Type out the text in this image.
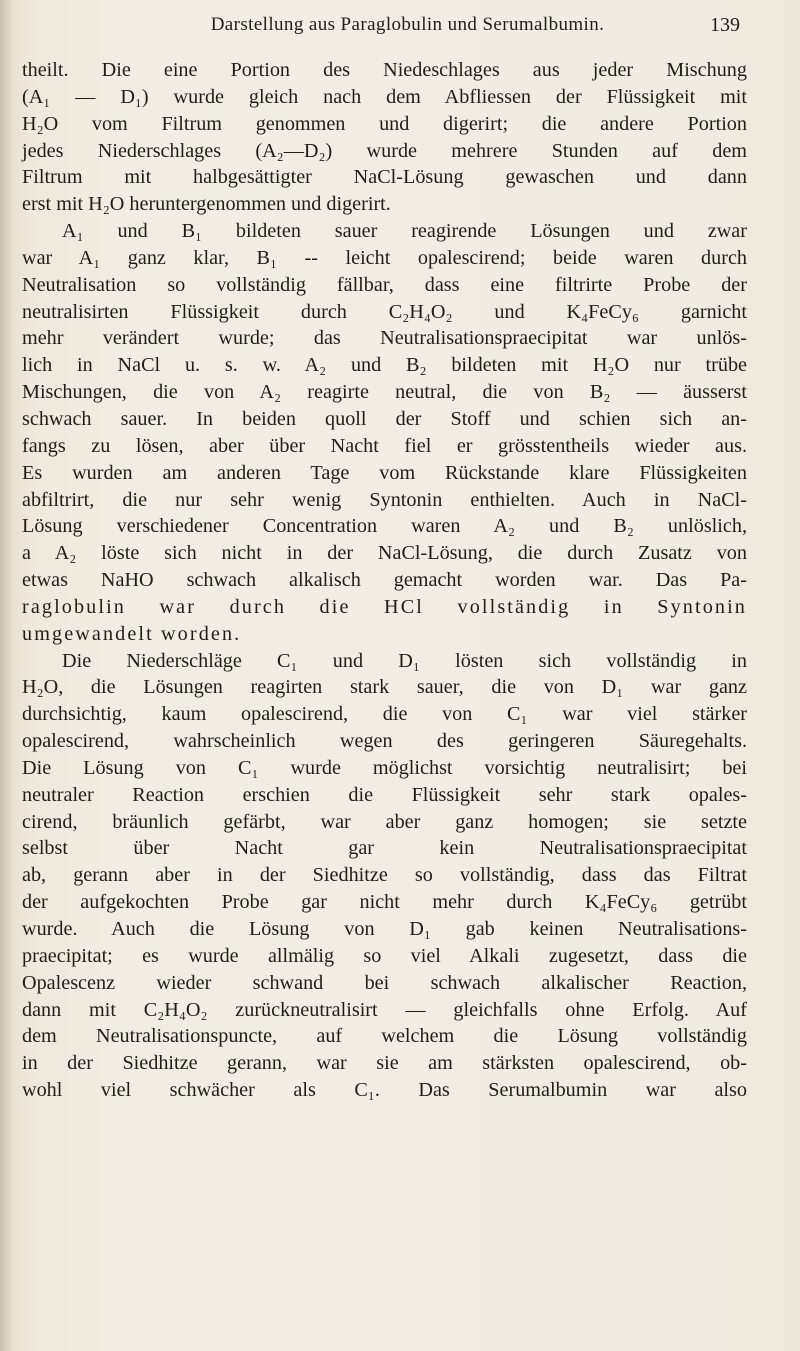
Darstellung aus Paraglobulin und Serumalbumin.	139
theilt. Die eine Portion des Niedeschlages aus jeder Mischung
(A₁ — D₁) wurde gleich nach dem Abfliessen der Flüssigkeit mit
H₂O vom Filtrum genommen und digerirt; die andere Portion
jedes Niederschlages (A₂—D₂) wurde mehrere Stunden auf dem
Filtrum mit halbgesättigter NaCl-Lösung gewaschen und dann
erst mit H₂O heruntergenommen und digerirt.
A₁ und B₁ bildeten sauer reagirende Lösungen und zwar
war A₁ ganz klar, B₁ -- leicht opalescirend; beide waren durch
Neutralisation so vollständig fällbar, dass eine filtrirte Probe der
neutralisirten Flüssigkeit durch C₂H₄O₂ und K₄FeCy₆ garnicht
mehr verändert wurde; das Neutralisationspraecipitat war unlös-
lich in NaCl u. s. w. A₂ und B₂ bildeten mit H₂O nur trübe
Mischungen, die von A₂ reagirte neutral, die von B₂ — äusserst
schwach sauer. In beiden quoll der Stoff und schien sich an-
fangs zu lösen, aber über Nacht fiel er grösstentheils wieder aus.
Es wurden am anderen Tage vom Rückstande klare Flüssigkeiten
abfiltrirt, die nur sehr wenig Syntonin enthielten. Auch in NaCl-
Lösung verschiedener Concentration waren A₂ und B₂ unlöslich,
a A₂ löste sich nicht in der NaCl-Lösung, die durch Zusatz von
etwas NaHO schwach alkalisch gemacht worden war. Das Pa-
raglobulin war durch die HCl vollständig in Syntonin
umgewandelt worden.
Die Niederschläge C₁ und D₁ lösten sich vollständig in
H₂O, die Lösungen reagirten stark sauer, die von D₁ war ganz
durchsichtig, kaum opalescirend, die von C₁ war viel stärker
opalescirend, wahrscheinlich wegen des geringeren Säuregehalts.
Die Lösung von C₁ wurde möglichst vorsichtig neutralisirt; bei
neutraler Reaction erschien die Flüssigkeit sehr stark opales-
cirend, bräunlich gefärbt, war aber ganz homogen; sie setzte
selbst über Nacht gar kein Neutralisationspraecipitat
ab, gerann aber in der Siedhitze so vollständig, dass das Filtrat
der aufgekochten Probe gar nicht mehr durch K₄FeCy₆ getrübt
wurde. Auch die Lösung von D₁ gab keinen Neutralisations-
praecipitat; es wurde allmälig so viel Alkali zugesetzt, dass die
Opalescenz wieder schwand bei schwach alkalischer Reaction,
dann mit C₂H₄O₂ zurückneutralisirt — gleichfalls ohne Erfolg. Auf
dem Neutralisationspuncte, auf welchem die Lösung vollständig
in der Siedhitze gerann, war sie am stärksten opalescirend, ob-
wohl viel schwächer als C₁. Das Serumalbumin war also
